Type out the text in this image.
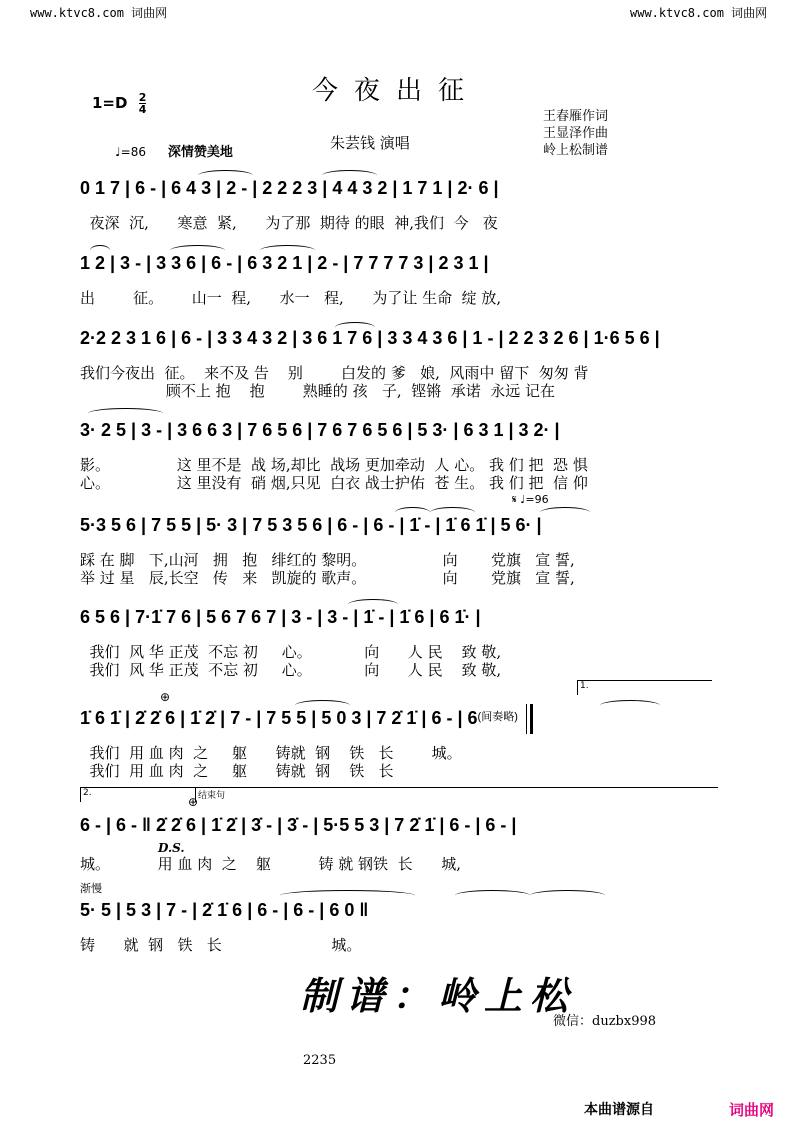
www.ktvc8.com 词曲网	www.ktvc8.com 词曲网
今夜出征
$1=D \frac{2}{4}$
王春雁作词
王显泽作曲
岭上松制谱
朱芸钱 演唱
♩=86 深情赞美地
0 1 7 | 6 - | 6 4 3 | 2 - | 2 2 2 3 | 4 4 3 2 | 1 7 1 | 2· 6 |
夜深  沉,      寒意  紧,      为了那  期待 的眼  神,我们  今   夜
1 2 | 3 - | 3 3 6 | 6 - | 6 3 2 1 | 2 - | 7 7 7 7 3 | 2 3 1 |
出        征。      山一  程,      水一   程,      为了让 生命  绽 放,
2·2 2 3 1 6 | 6 - | 3 3 4 3 2 | 3 6 1 7 6 | 3 3 4 3 6 | 1 - | 2 2 3 2 6 | 1·6 5 6 |
我们今夜出  征。  来不及 告    别        白发的 爹   娘,  风雨中 留下  匆匆 背
顾不上 抱    抱        熟睡的 孩   子,  铿锵  承诺  永远 记在
3· 2 5 | 3 - | 3 6 6 3 | 7 6 5 6 | 7 6 7 6 5 6 | 5 3· | 6 3 1 | 3 2· |
影。              这 里不是  战 场,却比  战场 更加牵动  人 心。 我 们 把  恐 惧
心。              这 里没有  硝 烟,只见  白衣 战士护佑  苍 生。 我 们 把  信 仰
5·3 5 6 | 7 5 5 | 5· 3 | 7 5 3 5 6 | 6 - | 6 - | 1̇ - | 1̇ 6 1̇ | 5 6· |
𝄋 ♩=96
踩 在 脚   下,山河   拥   抱   绯红的 黎明。                向       党旗   宣 誓,
举 过 星   辰,长空   传   来   凯旋的 歌声。                向       党旗   宣 誓,
6 5 6 | 7·1̇ 7 6 | 5 6 7 6 7 | 3 - | 3 - | 1̇ - | 1̇ 6 | 6 1̇· |
我们  风 华 正茂  不忘 初     心。           向      人 民    致 敬,
我们  风 华 正茂  不忘 初     心。           向      人 民    致 敬,
1̇ 6 1̇ | 2̇ 2̇ 6 | 1̇ 2̇ | 7 - | 7 5 5 | 5 0 3 | 7 2̇ 1̇ | 6 - | 6 (间奏略)
1.
⊕
我们  用 血 肉  之     躯      铸就  钢    铁   长        城。
我们  用 血 肉  之     躯      铸就  钢    铁   长
6 - | 6 - ‖ 2̇ 2̇ 6 | 1̇ 2̇ | 3̇ - | 3̇ - | 5·5 5 3 | 7 2̇ 1̇ | 6 - | 6 - |
2.	结束句
⊕
D.S.
城。          用 血 肉  之    躯          铸 就 钢铁  长      城,
渐慢
5· 5 | 5 3 | 7 - | 2̇ 1̇ 6 | 6 - | 6 - | 6 0 ‖
铸      就  钢   铁   长                       城。
制谱：岭上松
微信：duzbx998
2235
本曲谱源自	词曲网
